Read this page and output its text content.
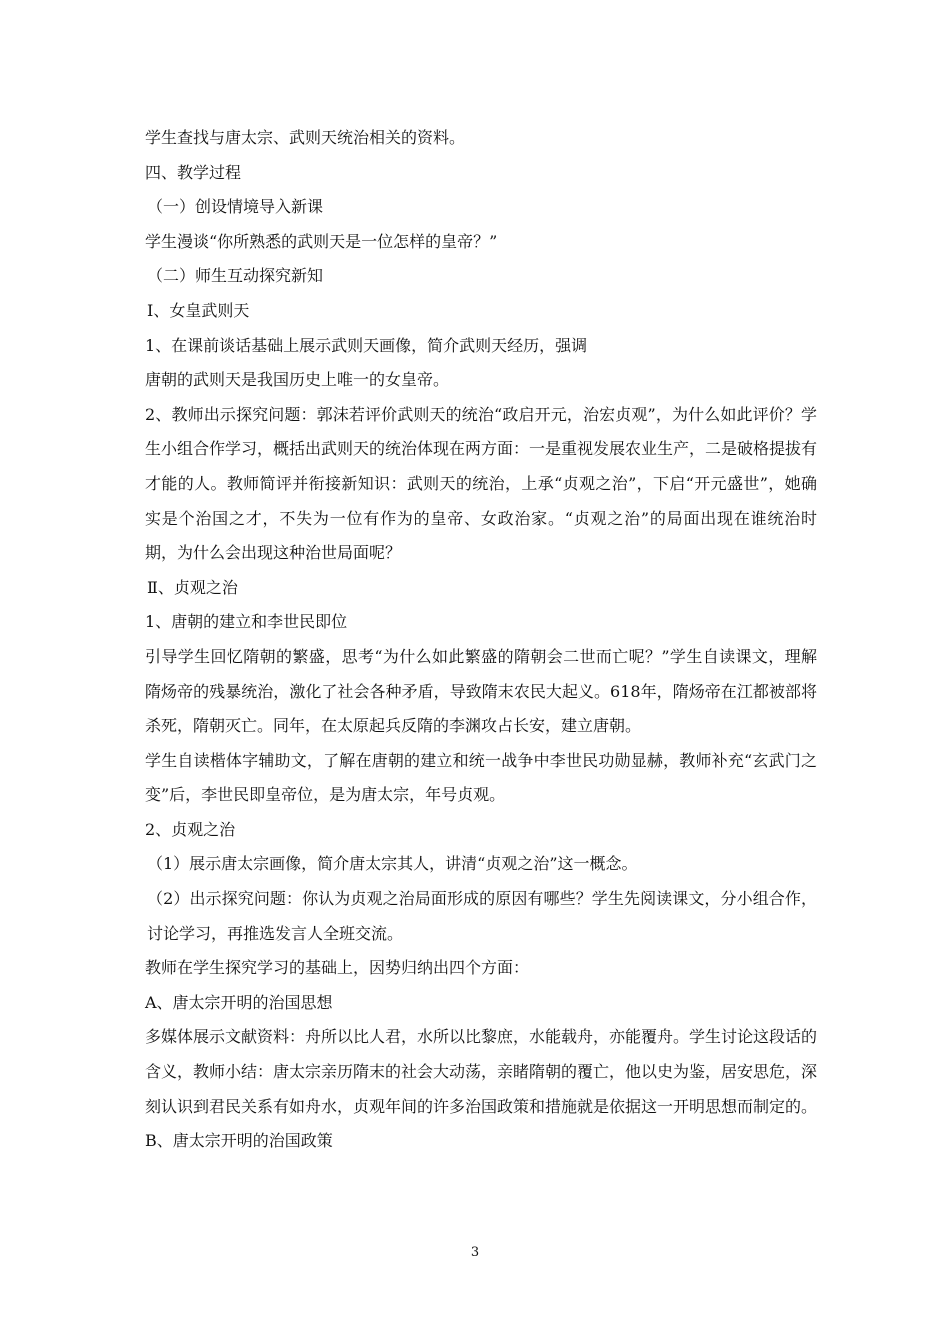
学生查找与唐太宗、武则天统治相关的资料。

四、教学过程

（一）创设情境导入新课

学生漫谈“你所熟悉的武则天是一位怎样的皇帝？”

（二）师生互动探究新知

Ⅰ、女皇武则天

1、在课前谈话基础上展示武则天画像，简介武则天经历，强调

唐朝的武则天是我国历史上唯一的女皇帝。

2、教师出示探究问题：郭沫若评价武则天的统治“政启开元，治宏贞观”，为什么如此评价？学生小组合作学习，概括出武则天的统治体现在两方面：一是重视发展农业生产，二是破格提拔有才能的人。教师简评并衔接新知识：武则天的统治，上承“贞观之治”，下启“开元盛世”，她确实是个治国之才，不失为一位有作为的皇帝、女政治家。“贞观之治”的局面出现在谁统治时期，为什么会出现这种治世局面呢？

Ⅱ、贞观之治

1、唐朝的建立和李世民即位

引导学生回忆隋朝的繁盛，思考“为什么如此繁盛的隋朝会二世而亡呢？”学生自读课文，理解隋炀帝的残暴统治，激化了社会各种矛盾，导致隋末农民大起义。618年，隋炀帝在江都被部将杀死，隋朝灭亡。同年，在太原起兵反隋的李渊攻占长安，建立唐朝。

学生自读楷体字辅助文，了解在唐朝的建立和统一战争中李世民功勋显赫，教师补充“玄武门之变”后，李世民即皇帝位，是为唐太宗，年号贞观。

2、贞观之治

（1）展示唐太宗画像，简介唐太宗其人，讲清“贞观之治”这一概念。

（2）出示探究问题：你认为贞观之治局面形成的原因有哪些？学生先阅读课文，分小组合作，讨论学习，再推选发言人全班交流。

教师在学生探究学习的基础上，因势归纳出四个方面：

A、唐太宗开明的治国思想

多媒体展示文献资料：舟所以比人君，水所以比黎庶，水能载舟，亦能覆舟。学生讨论这段话的含义，教师小结：唐太宗亲历隋末的社会大动荡，亲睹隋朝的覆亡，他以史为鉴，居安思危，深刻认识到君民关系有如舟水，贞观年间的许多治国政策和措施就是依据这一开明思想而制定的。

B、唐太宗开明的治国政策

3
